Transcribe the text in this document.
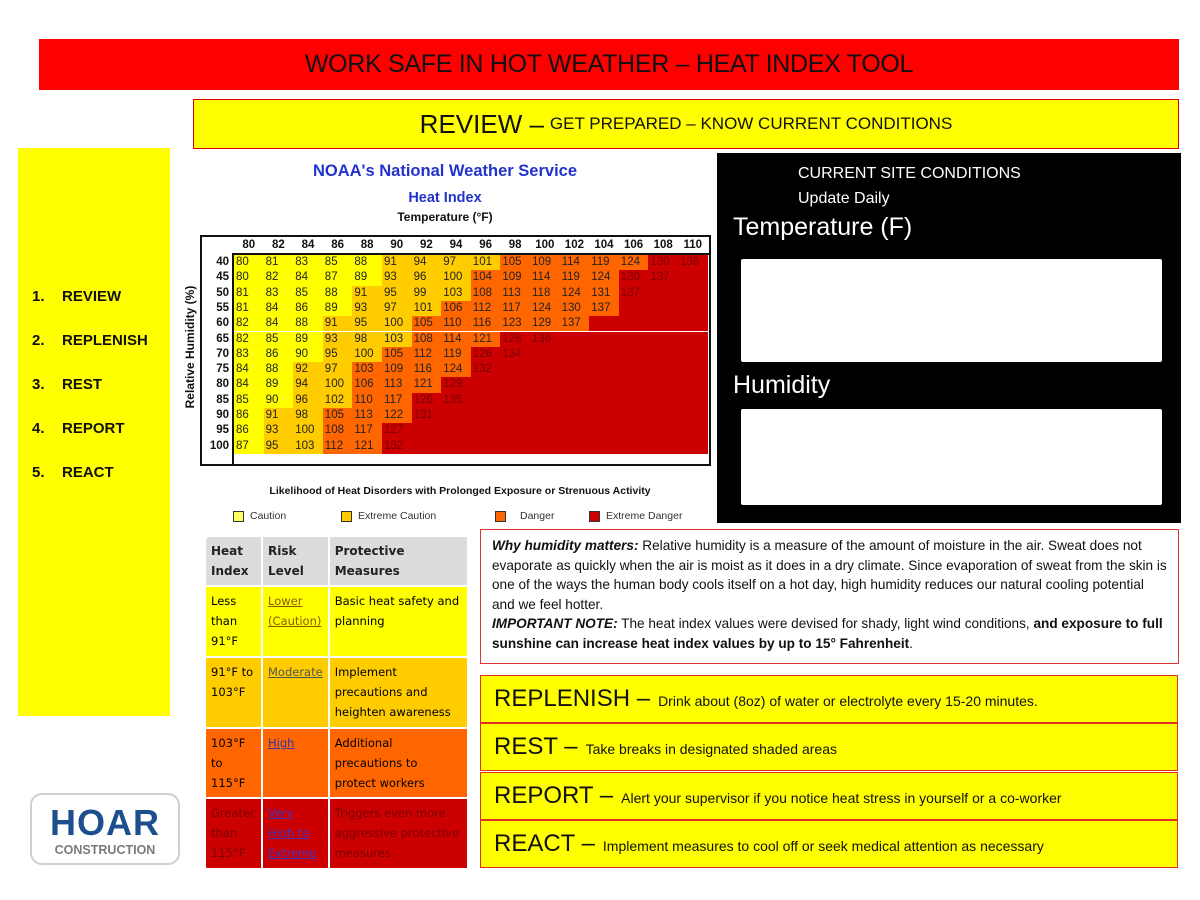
WORK SAFE IN HOT WEATHER – HEAT INDEX TOOL
REVIEW – GET PREPARED – KNOW CURRENT CONDITIONS
1. REVIEW
2. REPLENISH
3. REST
4. REPORT
5. REACT
HOAR
CONSTRUCTION
NOAA's National Weather Service
Heat Index
Temperature (°F)
Relative Humidity (%)
80	82	84	86	88	90	92	94	96	98	100 102 104 106 108 110
40 80	81	83	85	88	91	94	97	101 105 109 114 119 124 130 136
45 80	82	84	87	89	93	96	100 104 109 114 119 124 130 137
50 81	83	85	88	91	95	99	103 108 113 118 124 131 137
55 81	84	86	89	93	97	101 106 112 117 124 130 137
60 82	84	88	91	95	100 105 110 116 123 129 137
65 82	85	89	93	98	103 108 114 121 128 136
70 83	86	90	95	100 105 112 119 126 134
75 84	88	92	97	103 109 116 124 132
80 84	89	94	100 106 113 121 129
85 85	90	96	102 110 117 126 135
90 86	91	98	105 113 122 131
95 86	93	100 108 117 127
100 87	95	103 112 121 132
Likelihood of Heat Disorders with Prolonged Exposure or Strenuous Activity
Caution	Extreme Caution	Danger	Extreme Danger
Heat Index	Risk Level	Protective Measures
Less than 91°F	Lower (Caution)	Basic heat safety and planning
91°F to 103°F	Moderate	Implement precautions and heighten awareness
103°F to 115°F	High	Additional precautions to protect workers
Greater than 115°F	Very High to Extreme	Triggers even more aggressive protective measures
Why humidity matters: Relative humidity is a measure of the amount of moisture in the air. Sweat does not evaporate as quickly when the air is moist as it does in a dry climate. Since evaporation of sweat from the skin is one of the ways the human body cools itself on a hot day, high humidity reduces our natural cooling potential and we feel hotter.
IMPORTANT NOTE: The heat index values were devised for shady, light wind conditions, and exposure to full sunshine can increase heat index values by up to 15° Fahrenheit.
REPLENISH – Drink about (8oz) of water or electrolyte every 15-20 minutes.
REST – Take breaks in designated shaded areas
REPORT – Alert your supervisor if you notice heat stress in yourself or a co-worker
REACT – Implement measures to cool off or seek medical attention as necessary
CURRENT SITE CONDITIONS
Update Daily
Temperature (F)
Humidity
